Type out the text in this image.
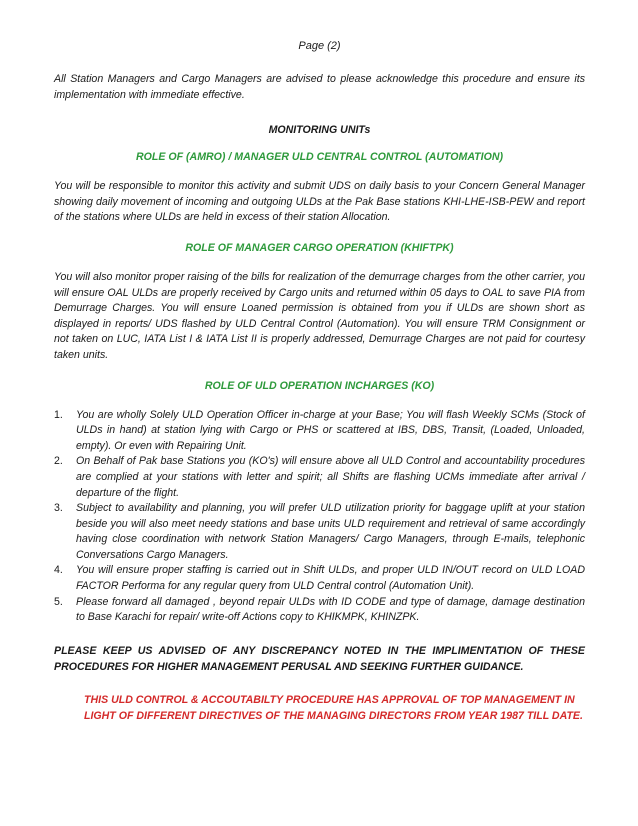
Page (2)

All Station Managers and Cargo Managers are advised to please acknowledge this procedure and ensure its implementation with immediate effective.

MONITORING UNITs
ROLE OF (AMRO) / MANAGER ULD CENTRAL CONTROL (AUTOMATION)

You will be responsible to monitor this activity and submit UDS on daily basis to your Concern General Manager showing daily movement of incoming and outgoing ULDs at the Pak Base stations KHI-LHE-ISB-PEW and report of the stations where ULDs are held in excess of their station Allocation.

ROLE OF MANAGER CARGO OPERATION (KHIFTPK)

You will also monitor proper raising of the bills for realization of the demurrage charges from the other carrier, you will ensure OAL ULDs are properly received by Cargo units and returned within 05 days to OAL to save PIA from Demurrage Charges. You will ensure Loaned permission is obtained from you if ULDs are shown short as displayed in reports/ UDS flashed by ULD Central Control (Automation). You will ensure TRM Consignment or not taken on LUC, IATA List I & IATA List II is properly addressed, Demurrage Charges are not paid for courtesy taken units.

ROLE OF ULD OPERATION INCHARGES (KO)
1. You are wholly Solely ULD Operation Officer in-charge at your Base; You will flash Weekly SCMs (Stock of ULDs in hand) at station lying with Cargo or PHS or scattered at IBS, DBS, Transit, (Loaded, Unloaded, empty). Or even with Repairing Unit.
2. On Behalf of Pak base Stations you (KO's) will ensure above all ULD Control and accountability procedures are complied at your stations with letter and spirit; all Shifts are flashing UCMs immediate after arrival / departure of the flight.
3. Subject to availability and planning, you will prefer ULD utilization priority for baggage uplift at your station beside you will also meet needy stations and base units ULD requirement and retrieval of same accordingly having close coordination with network Station Managers/ Cargo Managers, through E-mails, telephonic Conversations Cargo Managers.
4. You will ensure proper staffing is carried out in Shift ULDs, and proper ULD IN/OUT record on ULD LOAD FACTOR Performa for any regular query from ULD Central control (Automation Unit).
5. Please forward all damaged , beyond repair ULDs with ID CODE and type of damage, damage destination to Base Karachi for repair/ write-off Actions copy to KHIKMPK, KHINZPK.

PLEASE KEEP US ADVISED OF ANY DISCREPANCY NOTED IN THE IMPLIMENTATION OF THESE PROCEDURES FOR HIGHER MANAGEMENT PERUSAL AND SEEKING FURTHER GUIDANCE.

THIS ULD CONTROL & ACCOUTABILTY PROCEDURE HAS APPROVAL OF TOP MANAGEMENT IN
LIGHT OF DIFFERENT DIRECTIVES OF THE MANAGING DIRECTORS FROM YEAR 1987 TILL DATE.
